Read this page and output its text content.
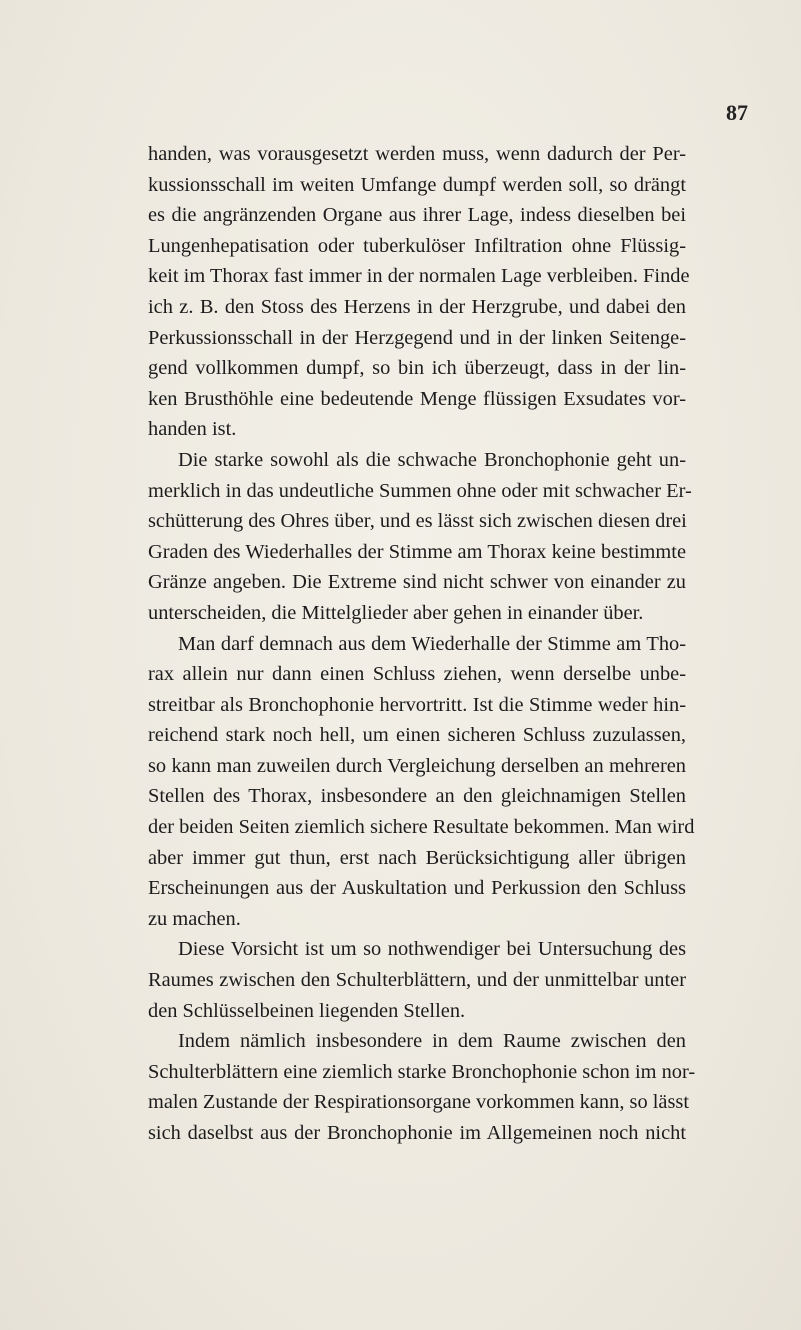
87
handen, was vorausgesetzt werden muss, wenn dadurch der Per-
kussionsschall im weiten Umfange dumpf werden soll, so drängt
es die angränzenden Organe aus ihrer Lage, indess dieselben bei
Lungenhepatisation oder tuberkulöser Infiltration ohne Flüssig-
keit im Thorax fast immer in der normalen Lage verbleiben. Finde
ich z. B. den Stoss des Herzens in der Herzgrube, und dabei den
Perkussionsschall in der Herzgegend und in der linken Seitenge-
gend vollkommen dumpf, so bin ich überzeugt, dass in der lin-
ken Brusthöhle eine bedeutende Menge flüssigen Exsudates vor-
handen ist.
Die starke sowohl als die schwache Bronchophonie geht un-
merklich in das undeutliche Summen ohne oder mit schwacher Er-
schütterung des Ohres über, und es lässt sich zwischen diesen drei
Graden des Wiederhalles der Stimme am Thorax keine bestimmte
Gränze angeben. Die Extreme sind nicht schwer von einander zu
unterscheiden, die Mittelglieder aber gehen in einander über.
Man darf demnach aus dem Wiederhalle der Stimme am Tho-
rax allein nur dann einen Schluss ziehen, wenn derselbe unbe-
streitbar als Bronchophonie hervortritt. Ist die Stimme weder hin-
reichend stark noch hell, um einen sicheren Schluss zuzulassen,
so kann man zuweilen durch Vergleichung derselben an mehreren
Stellen des Thorax, insbesondere an den gleichnamigen Stellen
der beiden Seiten ziemlich sichere Resultate bekommen. Man wird
aber immer gut thun, erst nach Berücksichtigung aller übrigen
Erscheinungen aus der Auskultation und Perkussion den Schluss
zu machen.
Diese Vorsicht ist um so nothwendiger bei Untersuchung des
Raumes zwischen den Schulterblättern, und der unmittelbar unter
den Schlüsselbeinen liegenden Stellen.
Indem nämlich insbesondere in dem Raume zwischen den
Schulterblättern eine ziemlich starke Bronchophonie schon im nor-
malen Zustande der Respirationsorgane vorkommen kann, so lässt
sich daselbst aus der Bronchophonie im Allgemeinen noch nicht
